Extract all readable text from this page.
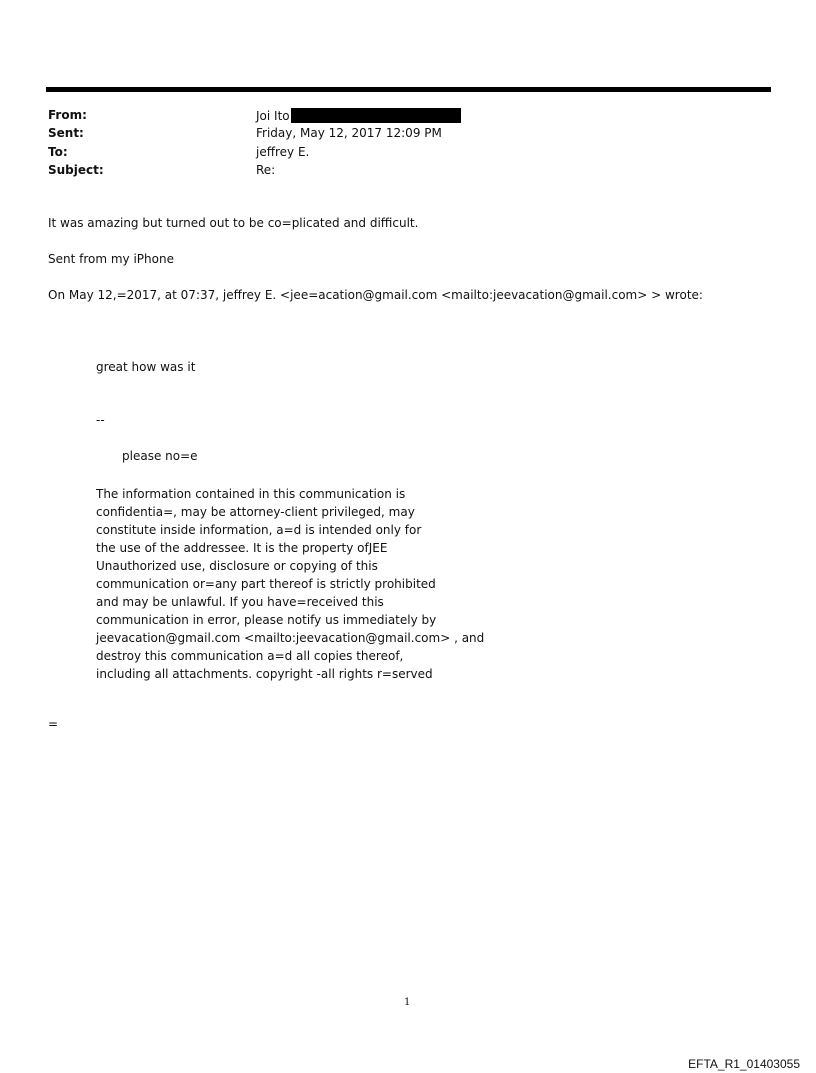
From:	Joi Ito
Sent:	Friday, May 12, 2017 12:09 PM
To:	jeffrey E.
Subject:	Re:
It was amazing but turned out to be co=plicated and difficult.
Sent from my iPhone
On May 12,=2017, at 07:37, jeffrey E. <jee=acation@gmail.com <mailto:jeevacation@gmail.com> > wrote:
great how was it
--
please no=e
The information contained in this communication is
confidentia=, may be attorney-client privileged, may
constitute inside information, a=d is intended only for
the use of the addressee. It is the property ofJEE
Unauthorized use, disclosure or copying of this
communication or=any part thereof is strictly prohibited
and may be unlawful. If you have=received this
communication in error, please notify us immediately by
jeevacation@gmail.com <mailto:jeevacation@gmail.com> , and
destroy this communication a=d all copies thereof,
including all attachments. copyright -all rights r=served
=
1
EFTA_R1_01403055
